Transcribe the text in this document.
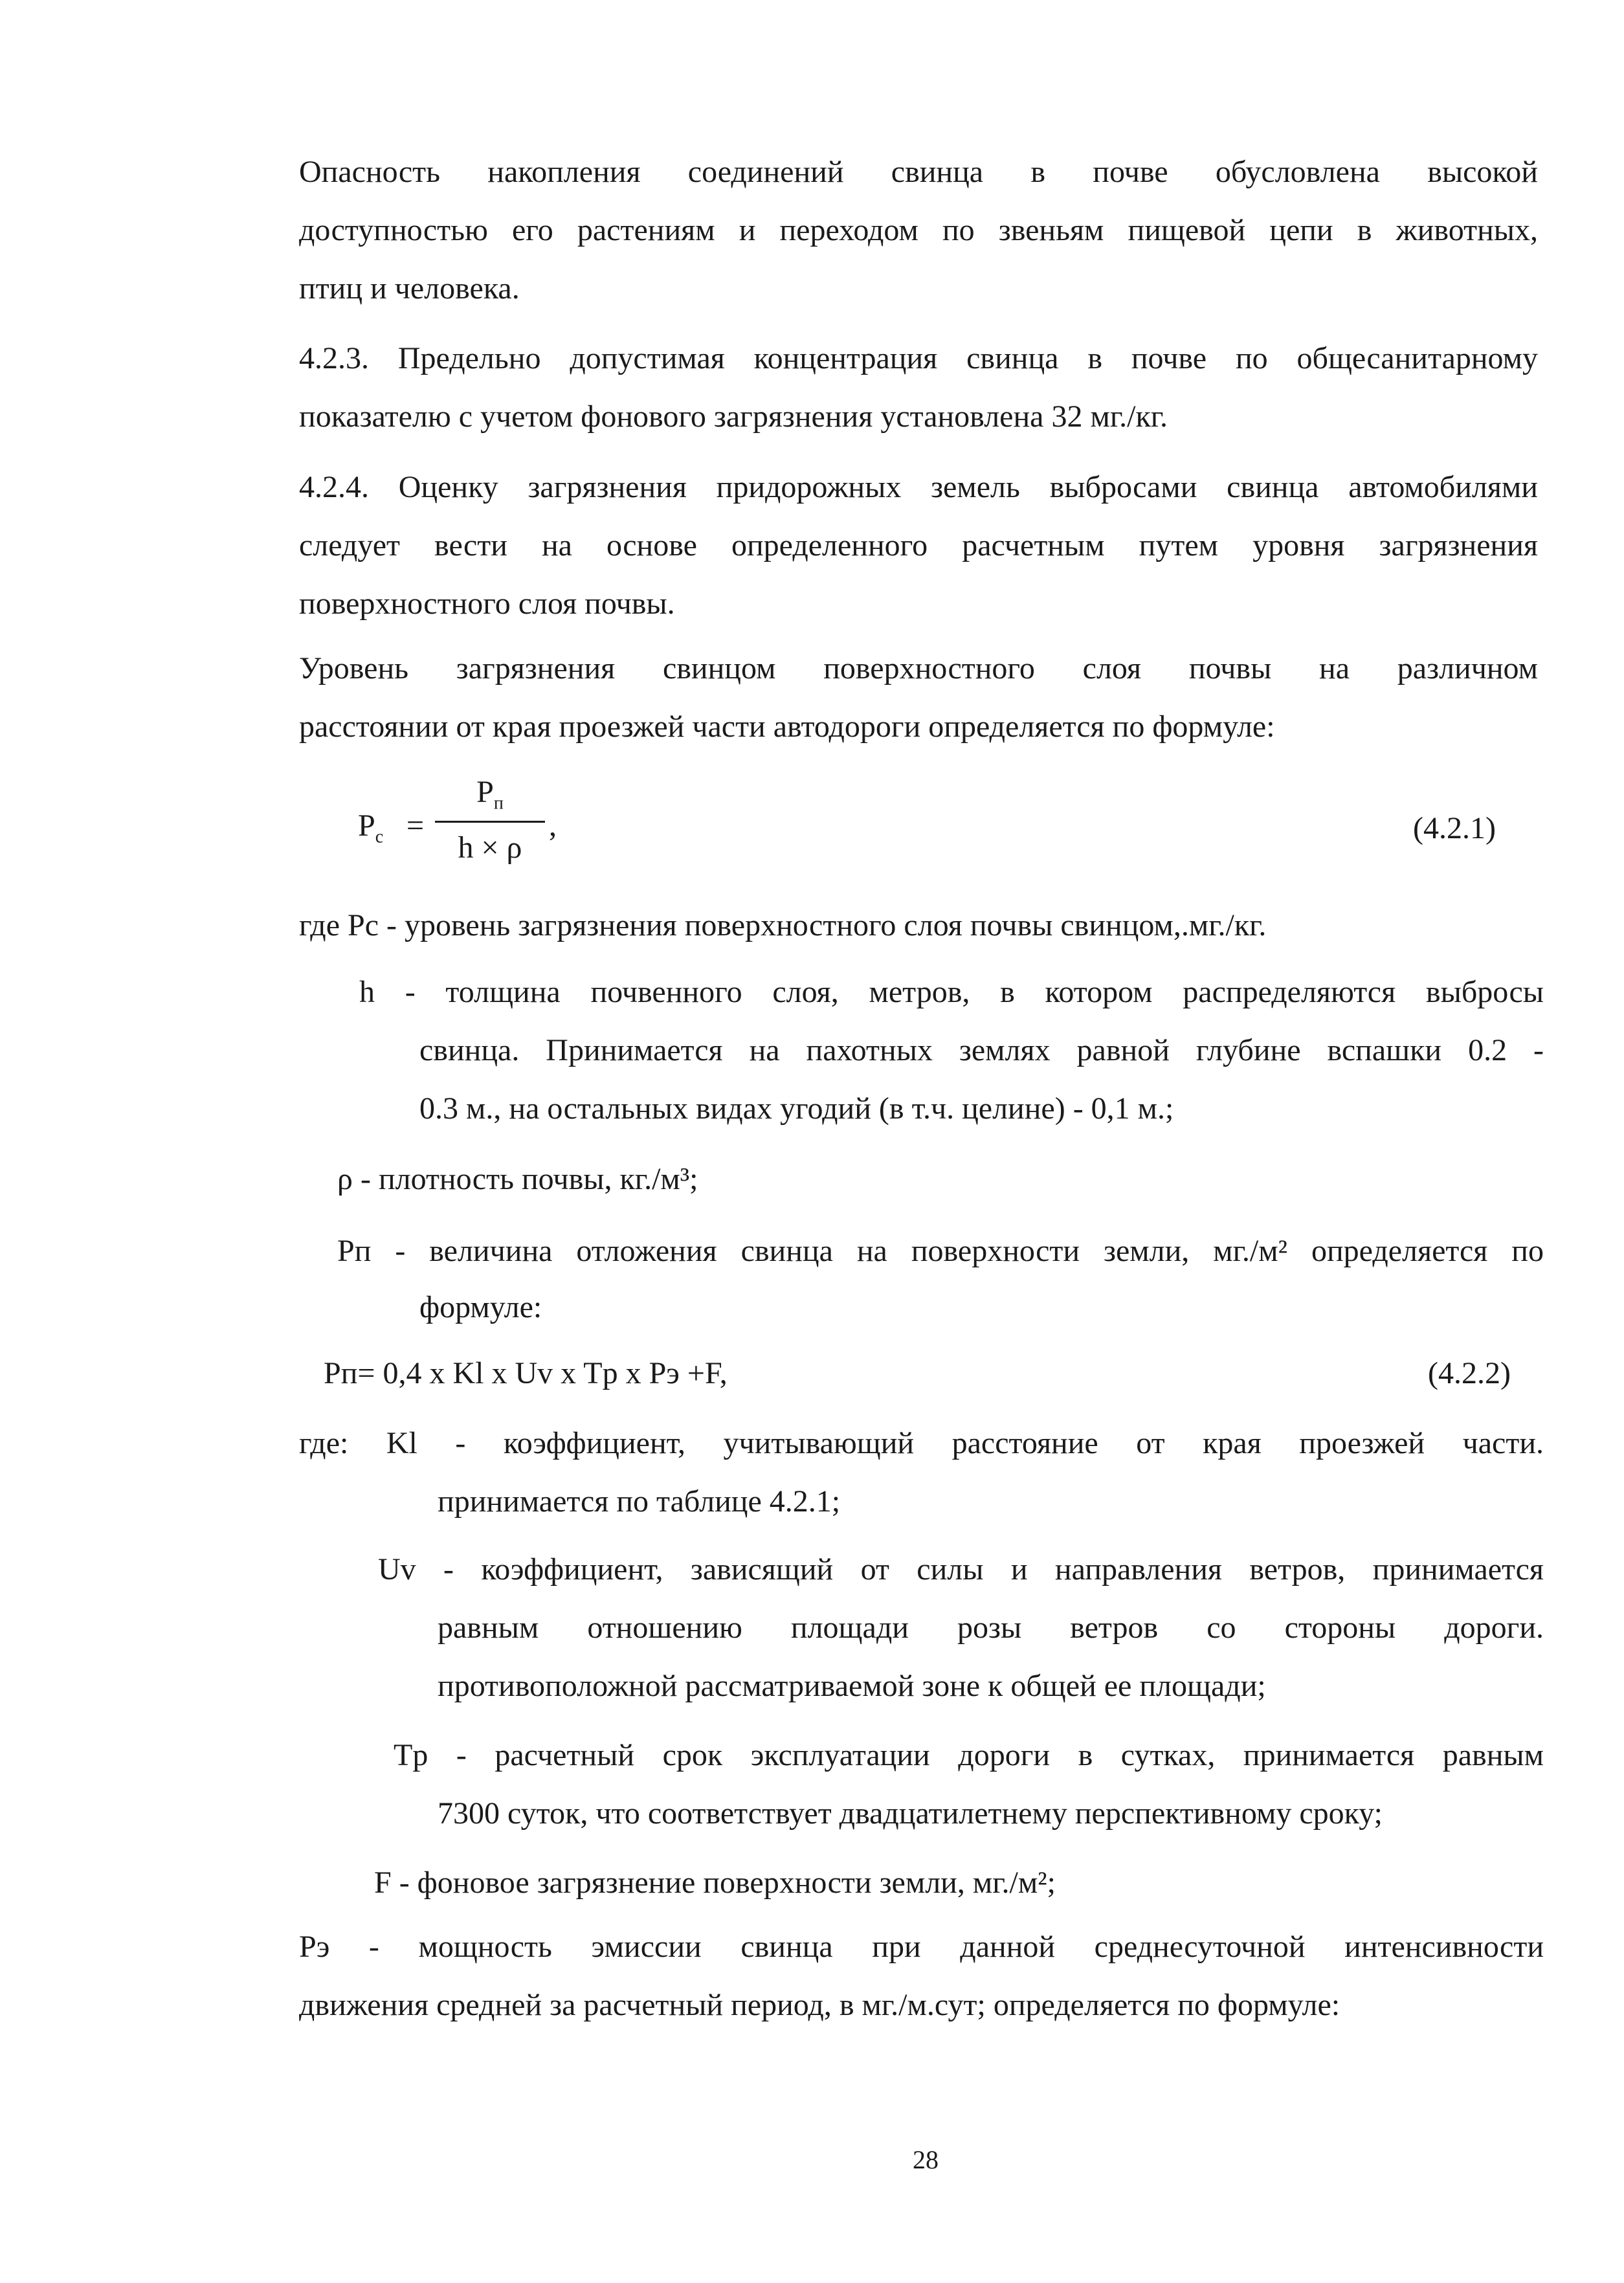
Опасность накопления соединений свинца в почве обусловлена высокой
доступностью его растениям и переходом по звеньям пищевой цепи в животных,
птиц и человека.
4.2.3. Предельно допустимая концентрация свинца в почве по общесанитарному
показателю с учетом фонового загрязнения установлена 32 мг./кг.
4.2.4. Оценку загрязнения придорожных земель выбросами свинца автомобилями
следует вести на основе определенного расчетным путем уровня загрязнения
поверхностного слоя почвы.
Уровень загрязнения свинцом поверхностного слоя почвы на различном
расстоянии от края проезжей части автодороги определяется по формуле:
$P_c$ =
$P_п$
h × ρ
,	(4.2.1)
где Рс - уровень загрязнения поверхностного слоя почвы свинцом,.мг./кг.
h - толщина почвенного слоя, метров, в котором распределяются выбросы
свинца. Принимается на пахотных землях равной глубине вспашки 0.2 -
0.3 м., на остальных видах угодий (в т.ч. целине) - 0,1 м.;
ρ - плотность почвы, кг./м³;
Pп - величина отложения свинца на поверхности земли, мг./м² определяется по
формуле:
Pп= 0,4 x Kl x Uv x Tp x Pэ +F,	(4.2.2)
где: Kl - коэффициент, учитывающий расстояние от края проезжей части.
принимается по таблице 4.2.1;
Uv - коэффициент, зависящий от силы и направления ветров, принимается
равным отношению площади розы ветров со стороны дороги.
противоположной рассматриваемой зоне к общей ее площади;
Tp - расчетный срок эксплуатации дороги в сутках, принимается равным
7300 суток, что соответствует двадцатилетнему перспективному сроку;
F - фоновое загрязнение поверхности земли, мг./м²;
Pэ - мощность эмиссии свинца при данной среднесуточной интенсивности
движения средней за расчетный период, в мг./м.сут; определяется по формуле:
28
